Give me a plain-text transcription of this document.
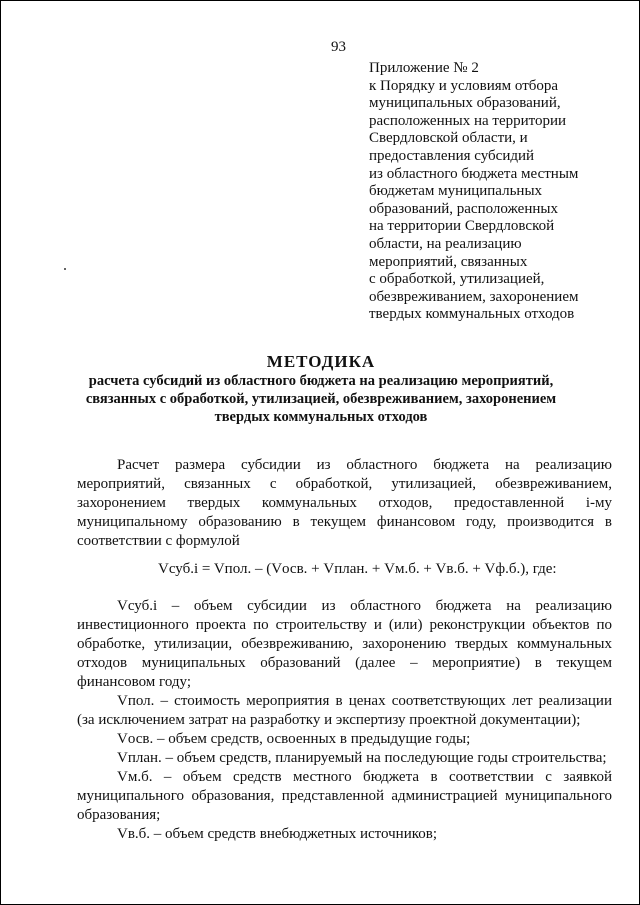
93
Приложение № 2
к Порядку и условиям отбора
муниципальных образований,
расположенных на территории
Свердловской области, и
предоставления субсидий
из областного бюджета местным
бюджетам муниципальных
образований, расположенных
на территории Свердловской
области, на реализацию
мероприятий, связанных
с обработкой, утилизацией,
обезвреживанием, захоронением
твердых коммунальных отходов
МЕТОДИКА
расчета субсидий из областного бюджета на реализацию мероприятий,
связанных с обработкой, утилизацией, обезвреживанием, захоронением
твердых коммунальных отходов
Расчет размера субсидии из областного бюджета на реализацию
мероприятий, связанных с обработкой, утилизацией, обезвреживанием,
захоронением твердых коммунальных отходов, предоставленной i-му
муниципальному образованию в текущем финансовом году, производится в
соответствии с формулой
Vсуб.i = Vпол. – (Vосв. + Vплан. + Vм.б. + Vв.б. + Vф.б.), где:
Vсуб.i – объем субсидии из областного бюджета на реализацию
инвестиционного проекта по строительству и (или) реконструкции объектов по
обработке, утилизации, обезвреживанию, захоронению твердых коммунальных
отходов муниципальных образований (далее – мероприятие) в текущем
финансовом году;
Vпол. – стоимость мероприятия в ценах соответствующих лет реализации
(за исключением затрат на разработку и экспертизу проектной документации);
Vосв. – объем средств, освоенных в предыдущие годы;
Vплан. – объем средств, планируемый на последующие годы строительства;
Vм.б. – объем средств местного бюджета в соответствии с заявкой
муниципального образования, представленной администрацией муниципального
образования;
Vв.б. – объем средств внебюджетных источников;
